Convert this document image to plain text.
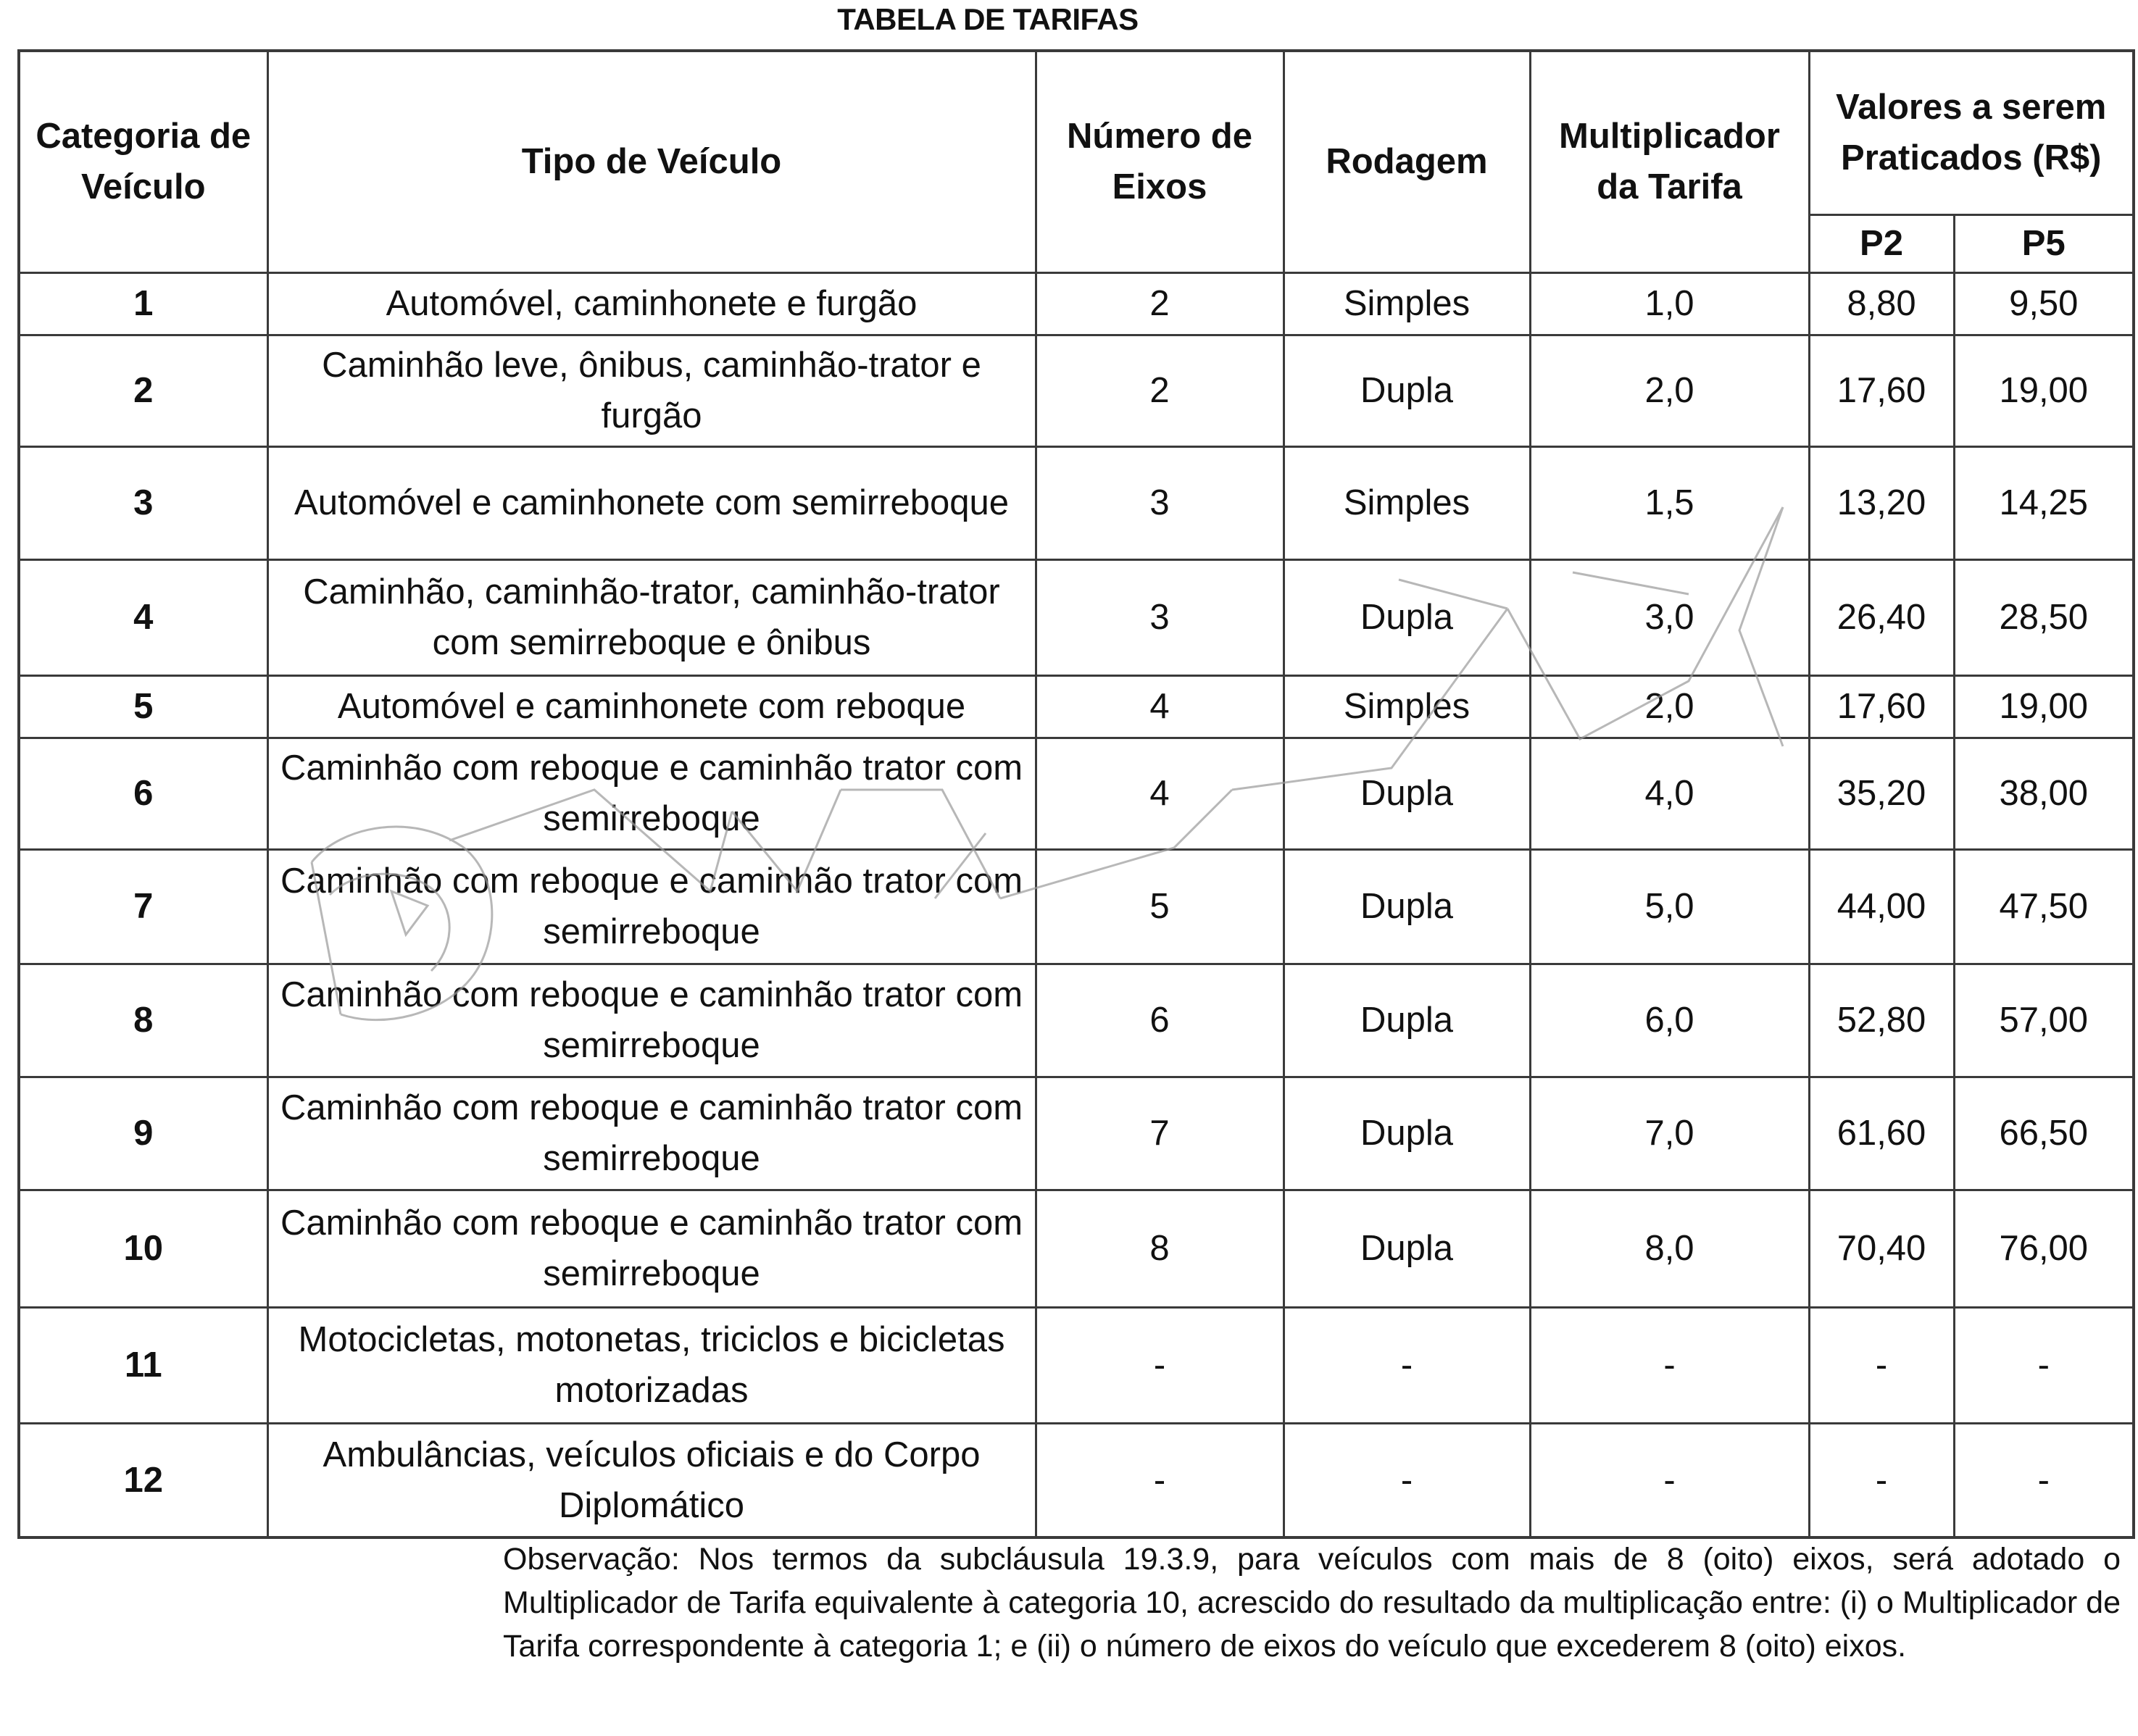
TABELA DE TARIFAS
Categoria de Veículo	Tipo de Veículo	Número de Eixos	Rodagem	Multiplicador da Tarifa	Valores a serem Praticados (R$)	
					P2	P5
1	Automóvel, caminhonete e furgão	2	Simples	1,0	8,80	9,50
2	Caminhão leve, ônibus, caminhão-trator e furgão	2	Dupla	2,0	17,60	19,00
3	Automóvel e caminhonete com semirreboque	3	Simples	1,5	13,20	14,25
4	Caminhão, caminhão-trator, caminhão-trator com semirreboque e ônibus	3	Dupla	3,0	26,40	28,50
5	Automóvel e caminhonete com reboque	4	Simples	2,0	17,60	19,00
6	Caminhão com reboque e caminhão trator com semirreboque	4	Dupla	4,0	35,20	38,00
7	Caminhão com reboque e caminhão trator com semirreboque	5	Dupla	5,0	44,00	47,50
8	Caminhão com reboque e caminhão trator com semirreboque	6	Dupla	6,0	52,80	57,00
9	Caminhão com reboque e caminhão trator com semirreboque	7	Dupla	7,0	61,60	66,50
10	Caminhão com reboque e caminhão trator com semirreboque	8	Dupla	8,0	70,40	76,00
11	Motocicletas, motonetas, triciclos e bicicletas motorizadas	-	-	-	-	-
12	Ambulâncias, veículos oficiais e do Corpo Diplomático	-	-	-	-	-
Observação: Nos termos da subcláusula 19.3.9, para veículos com mais de 8 (oito) eixos, será adotado o Multiplicador de Tarifa equivalente à categoria 10, acrescido do resultado da multiplicação entre: (i) o Multiplicador de Tarifa correspondente à categoria 1; e (ii) o número de eixos do veículo que excederem 8 (oito) eixos.
